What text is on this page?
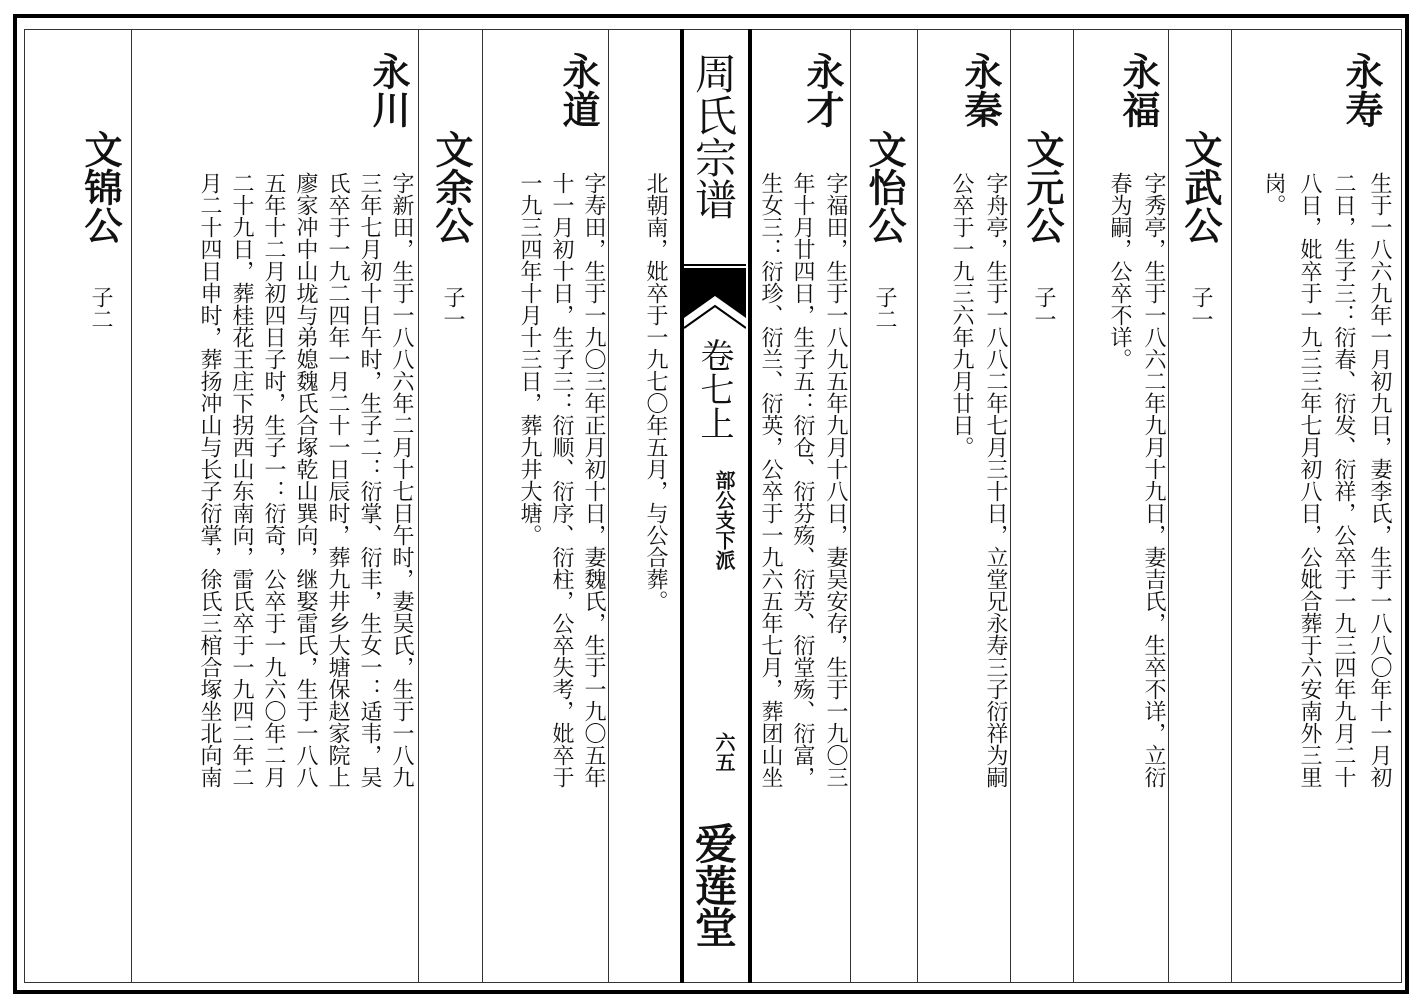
永寿
生于一八六九年一月初九日，妻李氏，生于一八八〇年十一月初
二日，生子三：衍春、衍发、衍祥，公卒于一九三四年九月二十
八日，妣卒于一九三三年七月初八日，公妣合葬于六安南外三里
岗。
文武公
子一
永福
字秀亭，生于一八六二年九月十九日，妻吉氏，生卒不详，立衍
春为嗣，公卒不详。
文元公
子一
永秦
字舟亭，生于一八八二年七月三十日，立堂兄永寿三子衍祥为嗣
公卒于一九三六年九月廿日。
文怡公
子二
永才
字福田，生于一八九五年九月十八日，妻吴安存，生于一九〇三
年十月廿四日，生子五：衍仓、衍芬殇、衍芳、衍堂殇、衍富，
生女三：衍珍、衍兰、衍英，公卒于一九六五年七月，葬团山坐
周氏宗谱
卷七上
部公支下派
六五
爱莲堂
北朝南，妣卒于一九七〇年五月，与公合葬。
永道
字寿田，生于一九〇三年正月初十日，妻魏氏，生于一九〇五年
十一月初十日，生子三：衍顺、衍序、衍柱，公卒失考，妣卒于
一九三四年十月十三日，葬九井大塘。
文余公
子一
永川
字新田，生于一八八六年二月十七日午时，妻吴氏，生于一八九
三年七月初十日午时，生子二：衍掌、衍丰，生女一：适韦，吴
氏卒于一九二四年一月二十一日辰时，葬九井乡大塘保赵家院上
廖家冲中山垅与弟媳魏氏合塚乾山巽向，继娶雷氏，生于一八八
五年十二月初四日子时，生子一：衍奇，公卒于一九六〇年二月
二十九日，葬桂花王庄下拐西山东南向，雷氏卒于一九四二年二
月二十四日申时，葬扬冲山与长子衍掌，徐氏三棺合塚坐北向南
文锦公
子二
